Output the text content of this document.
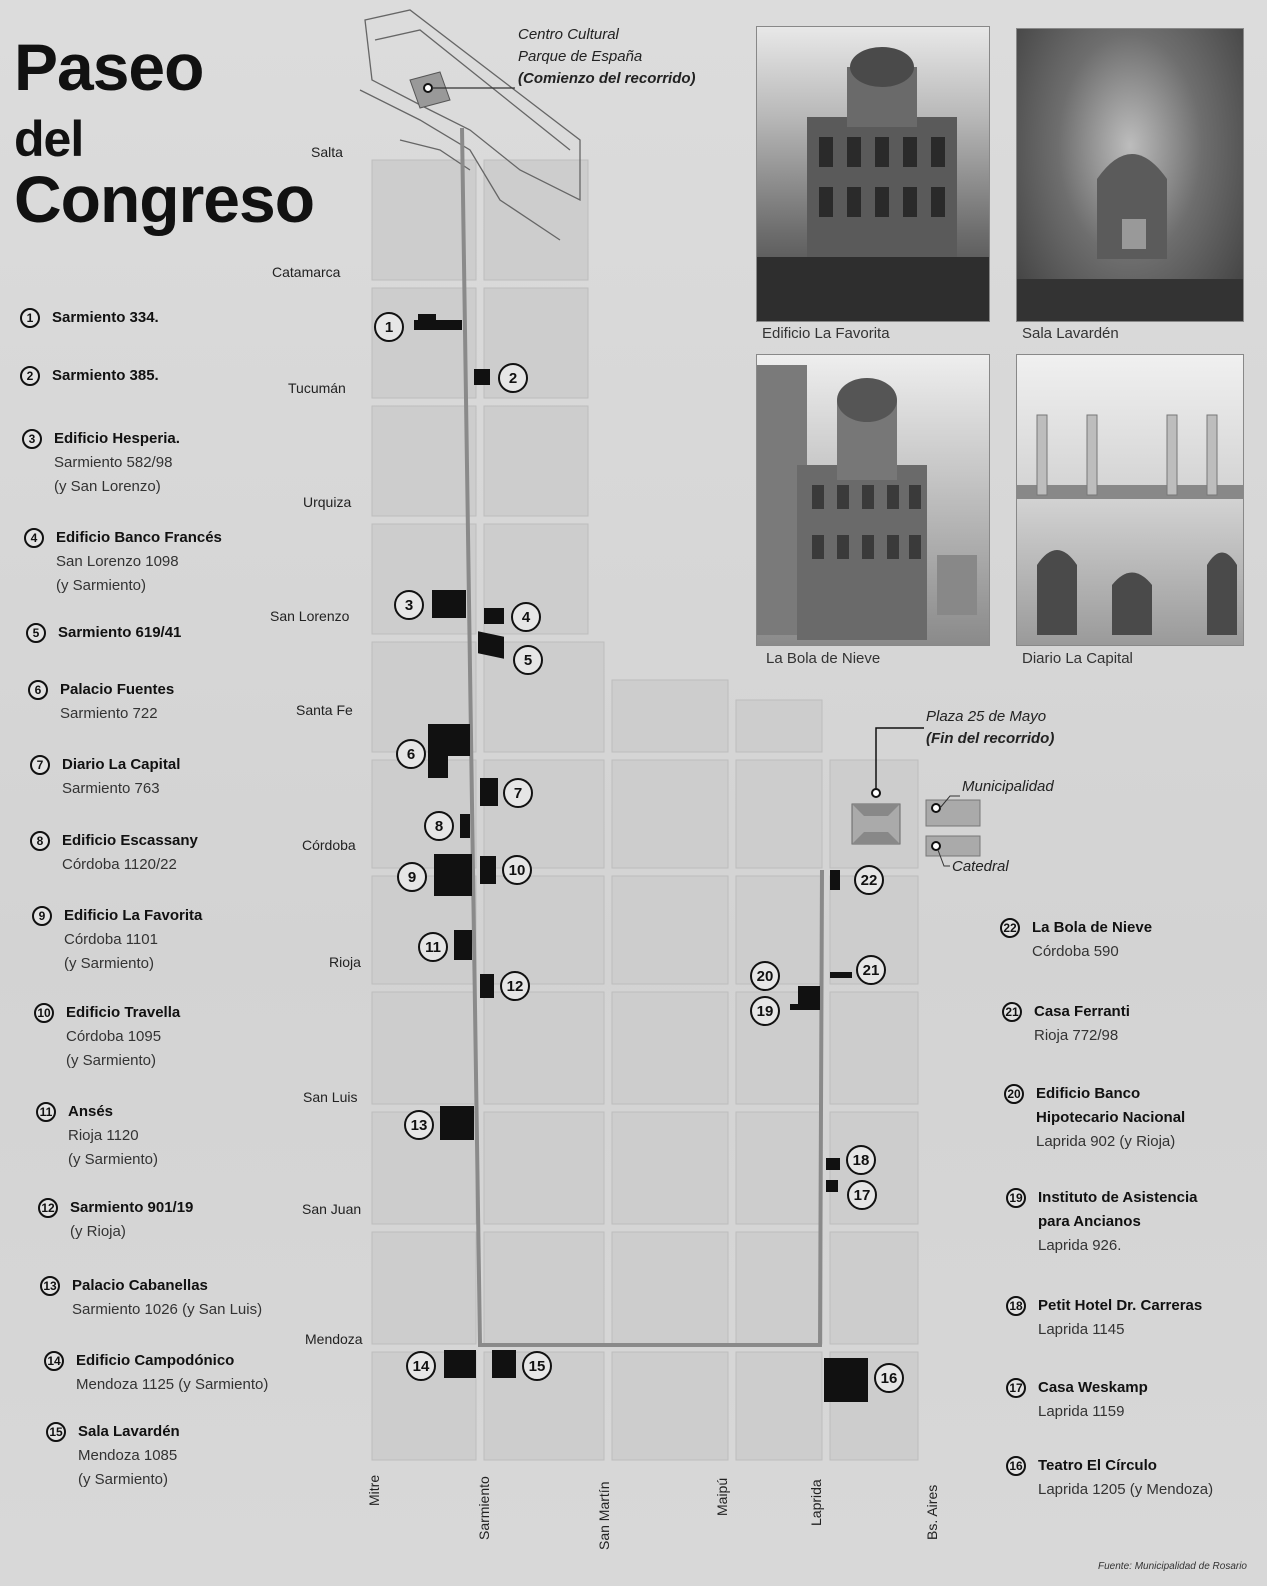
Paseo
del
Congreso
Salta
Catamarca
Tucumán
Urquiza
San Lorenzo
Santa Fe
Córdoba
Rioja
San Luis
San Juan
Mendoza
Mitre	Sarmiento	San Martín	Maipú	Laprida	Bs. Aires
Centro Cultural
Parque de España
(Comienzo del recorrido)
Plaza 25 de Mayo
(Fin del recorrido)
Municipalidad
Catedral
Edificio La Favorita	Sala Lavardén
La Bola de Nieve	Diario La Capital
1
2
3
4
5
6
7
8
9	10
11
12
13
14	15
16
17
18
19
20	21
22
1	Sarmiento 334.
2	Sarmiento 385.
3	Edificio Hesperia.
Sarmiento 582/98
(y San Lorenzo)
4	Edificio Banco Francés
San Lorenzo 1098
(y Sarmiento)
5	Sarmiento 619/41
6	Palacio Fuentes
Sarmiento 722
7	Diario La Capital
Sarmiento 763
8	Edificio Escassany
Córdoba 1120/22
9	Edificio La Favorita
Córdoba 1101
(y Sarmiento)
10 Edificio Travella
Córdoba 1095
(y Sarmiento)
11 Ansés
Rioja 1120
(y Sarmiento)
12 Sarmiento 901/19
(y Rioja)
13 Palacio Cabanellas
Sarmiento 1026 (y San Luis)
14 Edificio Campodónico
Mendoza 1125 (y Sarmiento)
15 Sala Lavardén
Mendoza 1085
(y Sarmiento)
22 La Bola de Nieve
Córdoba 590
21 Casa Ferranti
Rioja 772/98
20 Edificio Banco
Hipotecario Nacional
Laprida 902 (y Rioja)
19 Instituto de Asistencia
para Ancianos
Laprida 926.
18 Petit Hotel Dr. Carreras
Laprida 1145
17 Casa Weskamp
Laprida 1159
16 Teatro El Círculo
Laprida 1205 (y Mendoza)
Fuente: Municipalidad de Rosario
